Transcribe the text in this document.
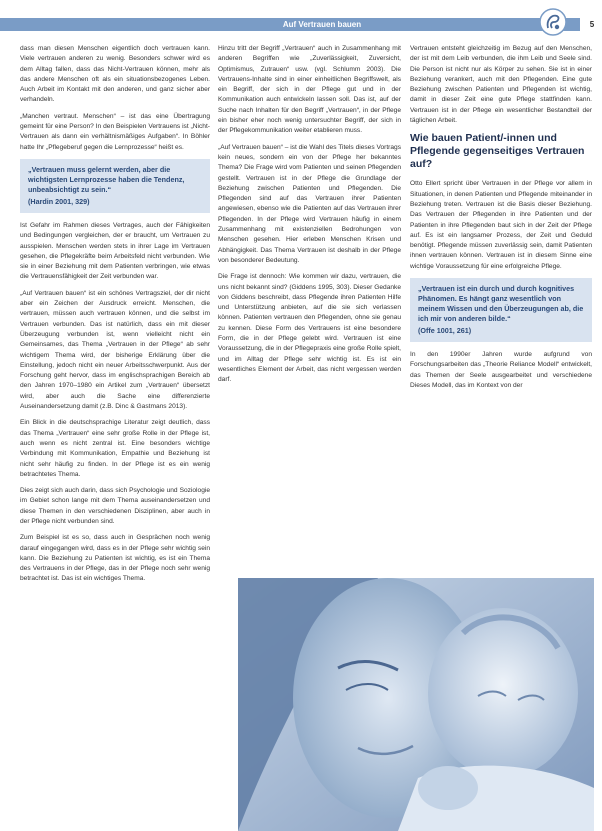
Auf Vertrauen bauen	5

dass man diesen Menschen eigentlich doch vertrauen kann. Viele vertrauen anderen zu wenig. Besonders schwer wird es dem Alltag fallen, dass das Nicht-Vertrauen können, mehr als das andere Menschen oft als ein situationsbezogenes Leben. Auch Arbeit im Kontakt mit den anderen, und ganz sicher aber verhandeln.

„Manchen vertraut. Menschen“ – ist das eine Übertragung gemeint für eine Person? In den Beispielen Vertrauens ist „Nicht-Vertrauen als dann ein verhältnismäßiges Aufgaben“. In Böhler hatte Ihr „Pflegeberuf gegen die Lernprozesse“ heißt es.

„Vertrauen muss gelernt werden, aber die wichtigsten Lernprozesse haben die Tendenz, unbeabsichtigt zu sein.“
(Hardin 2001, 329)

Ist Gefahr im Rahmen dieses Vertrages, auch der Fähigkeiten und Bedingungen vergleichen, der er braucht, um Vertrauen zu ausspielen. Menschen werden stets in ihrer Lage im Vertrauen gesehen, die Pflegekräfte beim Arbeitsfeld nicht verbunden. Wie sie in einer Beziehung mit dem Patienten verbringen, wie etwas die Vertrauensfähigkeit der Zeit verbunden war.

„Auf Vertrauen bauen“ ist ein schönes Vertragsziel, der dir nicht aber ein Zeichen der Ausdruck erreicht. Menschen, die vertrauen, müssen auch vertrauen können, und die selbst im Vertrauen verbunden. Das ist natürlich, dass ein mit dieser Überzeugung verbunden ist, wenn vielleicht nicht ein Gemeinsames, das Thema „Vertrauen in der Pflege“ ab sehr wichtigem Thema wird, der bisherige Erklärung über die Einstellung, jedoch nicht ein neuer Arbeitsschwerpunkt. Aus der Forschung geht hervor, dass im englischsprachigen Bereich ab den Jahren 1970–1980 ein Artikel zum „Vertrauen“ übersetzt wird, aber auch die Sache eine differenzierte Auseinandersetzung damit (z.B. Dinc & Gastmans 2013).

Ein Blick in die deutschsprachige Literatur zeigt deutlich, dass das Thema „Vertrauen“ eine sehr große Rolle in der Pflege ist, auch wenn es nicht zentral ist. Eine besonders wichtige Verbindung mit Kommunikation, Empathie und Beziehung ist nicht sehr häufig zu finden. In der Pflege ist es ein wenig betrachtetes Thema.

Dies zeigt sich auch darin, dass sich Psychologie und Soziologie im Gebiet schon lange mit dem Thema auseinandersetzen und diese Themen in den verschiedenen Disziplinen, aber auch in der Pflege nicht verbunden sind.

Zum Beispiel ist es so, dass auch in Gesprächen noch wenig darauf eingegangen wird, dass es in der Pflege sehr wichtig sein kann. Die Beziehung zu Patienten ist wichtig, es ist ein Thema des Vertrauens in der Pflege, das in der Pflege noch sehr wenig betrachtet ist. Das ist ein wichtiges Thema.

Hinzu tritt der Begriff „Vertrauen“ auch in Zusammenhang mit anderen Begriffen wie „Zuverlässigkeit, Zuversicht, Optimismus, Zutrauen“ usw. (vgl. Schlumm 2003). Die Vertrauens-Inhalte sind in einer einheitlichen Begriffswelt, als ein Begriff, der sich in der Pflege gut und in der Kommunikation auch entwickeln lassen soll. Das ist, auf der Suche nach Inhalten für den Begriff „Vertrauen“, in der Pflege ein bisher eher noch wenig untersuchter Begriff, der sich in der Pflegekommunikation weiter etablieren muss.

„Auf Vertrauen bauen“ – ist die Wahl des Titels dieses Vortrags kein neues, sondern ein von der Pflege her bekanntes Thema? Die Frage wird vom Patienten und seinen Pflegenden gestellt. Vertrauen ist in der Pflege die Grundlage der Beziehung zwischen Patienten und Pflegenden. Die Pflegenden sind auf das Vertrauen ihrer Patienten angewiesen, ebenso wie die Patienten auf das Vertrauen ihrer Pflegenden. In der Pflege wird Vertrauen häufig in einem Zusammenhang mit existenziellen Bedrohungen von Menschen gesehen. Hier erleben Menschen Krisen und Abhängigkeit. Das Thema Vertrauen ist deshalb in der Pflege von besonderer Bedeutung.

Die Frage ist dennoch: Wie kommen wir dazu, vertrauen, die uns nicht bekannt sind? (Giddens 1995, 303). Dieser Gedanke von Giddens beschreibt, dass Pflegende ihren Patienten Hilfe und Unterstützung anbieten, auf die sie sich verlassen können. Patienten vertrauen den Pflegenden, ohne sie genau zu kennen. Diese Form des Vertrauens ist eine besondere Form, die in der Pflege gelebt wird. Vertrauen ist eine Voraussetzung, die in der Pflegepraxis eine große Rolle spielt, und im Alltag der Pflege sehr wichtig ist. Es ist ein wesentliches Element der Arbeit, das nicht vergessen werden darf.

Vertrauen entsteht gleichzeitig im Bezug auf den Menschen, der ist mit dem Leib verbunden, die ihm Leib und Seele sind. Die Person ist nicht nur als Körper zu sehen. Sie ist in einer Beziehung verankert, auch mit den Pflegenden. Eine gute Beziehung zwischen Patienten und Pflegenden ist wichtig, damit in dieser Zeit eine gute Pflege stattfinden kann. Vertrauen ist in der Pflege ein wesentlicher Bestandteil der täglichen Arbeit.

Wie bauen Patient/-innen und Pflegende gegenseitiges Vertrauen auf?

Otto Ellert spricht über Vertrauen in der Pflege vor allem in Situationen, in denen Patienten und Pflegende miteinander in Beziehung treten. Vertrauen ist die Basis dieser Beziehung. Das Vertrauen der Pflegenden in ihre Patienten und der Patienten in ihre Pflegenden baut sich in der Zeit der Pflege auf. Es ist ein langsamer Prozess, der Zeit und Geduld benötigt. Pflegende müssen zuverlässig sein, damit Patienten ihnen vertrauen können. Vertrauen ist in diesem Sinne eine wichtige Voraussetzung für eine erfolgreiche Pflege.

„Vertrauen ist ein durch und durch kognitives Phänomen. Es hängt ganz wesentlich von meinem Wissen und den Überzeugungen ab, die ich mir von anderen bilde.“
(Offe 1001, 261)

In den 1990er Jahren wurde aufgrund von Forschungsarbeiten das „Theorie Reliance Modell“ entwickelt, das Themen der Seele ausgearbeitet und verschiedene Dieses Modell, das im Kontext von der
